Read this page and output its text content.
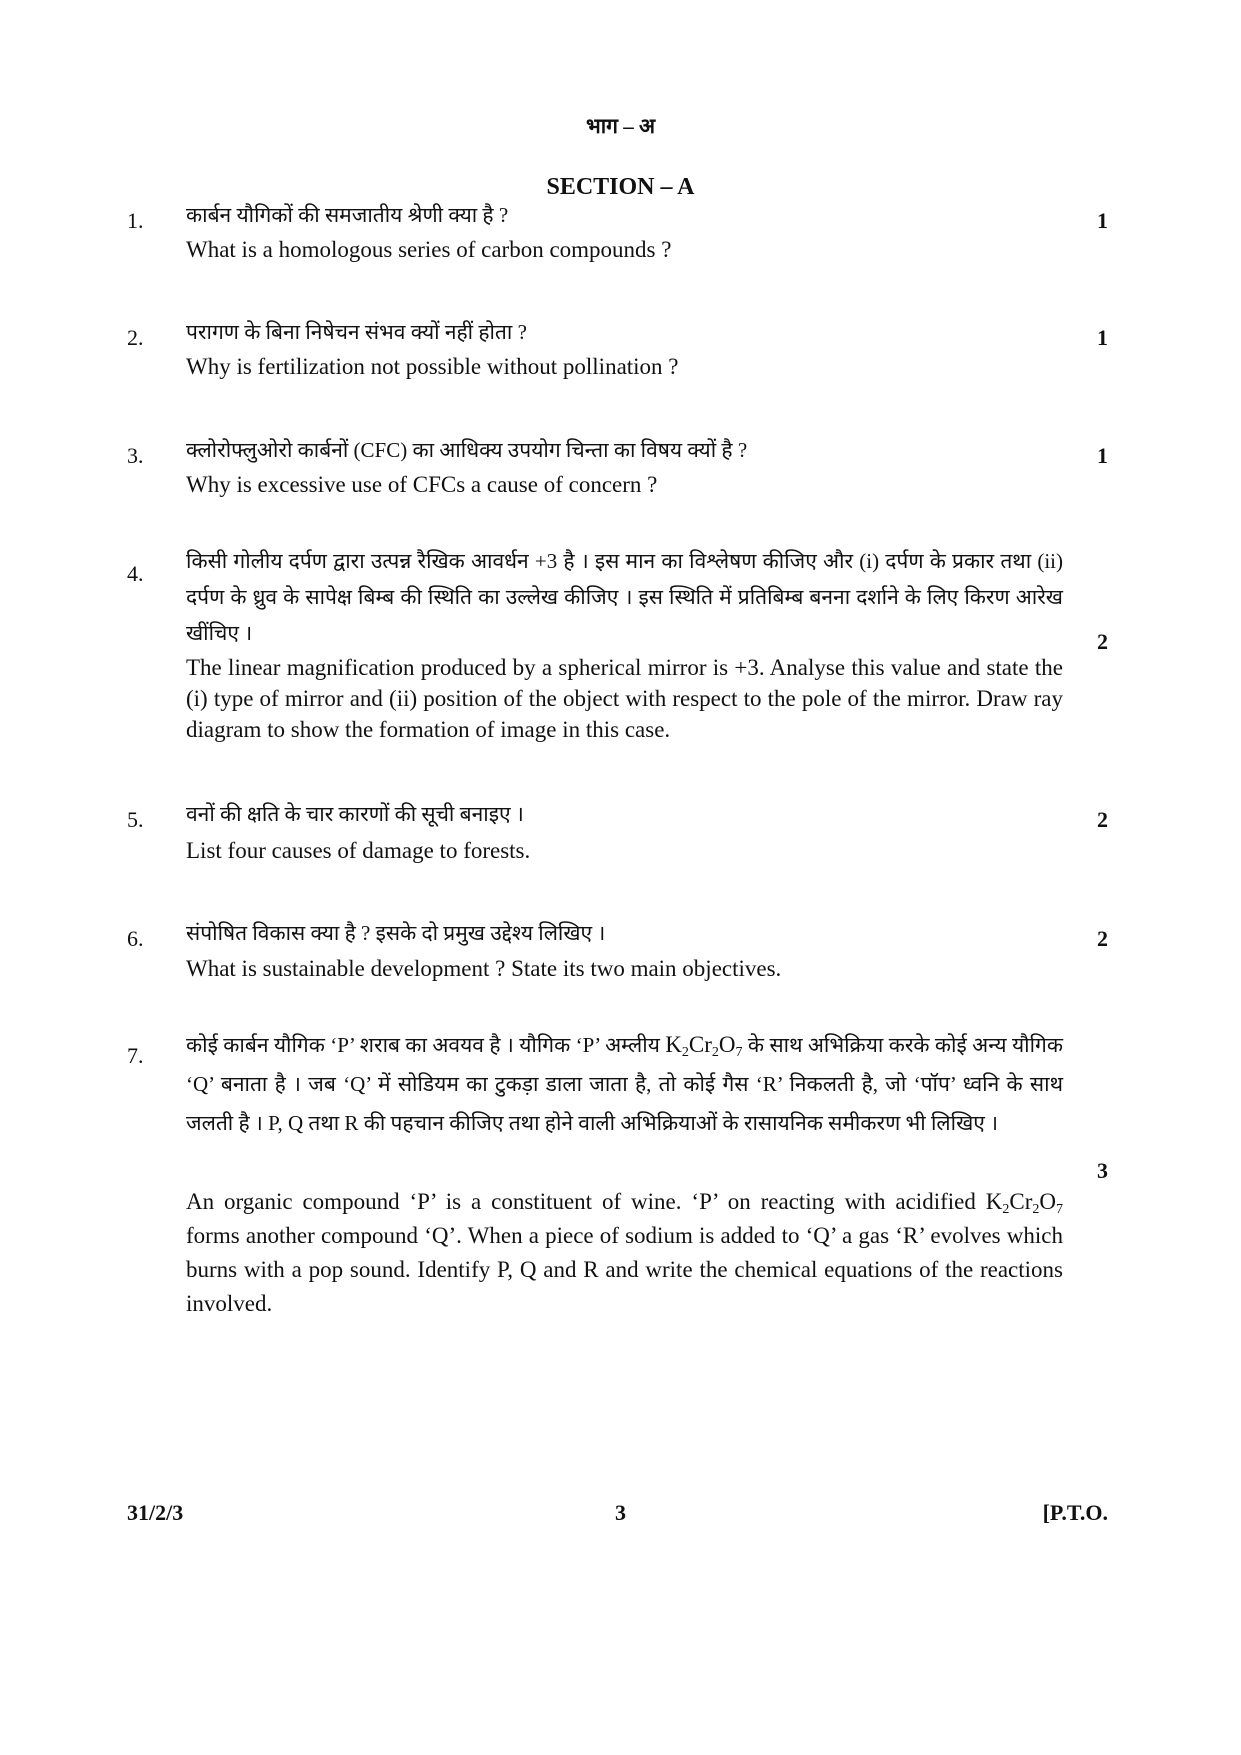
भाग – अ
SECTION – A
1. कार्बन यौगिकों की समजातीय श्रेणी क्या है ?	1
What is a homologous series of carbon compounds ?
2. परागण के बिना निषेचन संभव क्यों नहीं होता ?	1
Why is fertilization not possible without pollination ?
3. क्लोरोफ्लुओरो कार्बनों (CFC) का आधिक्य उपयोग चिन्ता का विषय क्यों है ?	1
Why is excessive use of CFCs a cause of concern ?
4. किसी गोलीय दर्पण द्वारा उत्पन्न रैखिक आवर्धन +3 है । इस मान का विश्लेषण कीजिए और (i) दर्पण के प्रकार तथा (ii) दर्पण के ध्रुव के सापेक्ष बिम्ब की स्थिति का उल्लेख कीजिए । इस स्थिति में प्रतिबिम्ब बनना दर्शाने के लिए किरण आरेख खींचिए ।	2
The linear magnification produced by a spherical mirror is +3. Analyse this value and state the (i) type of mirror and (ii) position of the object with respect to the pole of the mirror. Draw ray diagram to show the formation of image in this case.
5. वनों की क्षति के चार कारणों की सूची बनाइए ।	2
List four causes of damage to forests.
6. संपोषित विकास क्या है ? इसके दो प्रमुख उद्देश्य लिखिए ।	2
What is sustainable development ? State its two main objectives.
7. कोई कार्बन यौगिक ‘P’ शराब का अवयव है । यौगिक ‘P’ अम्लीय $K_2Cr_2O_7$ के साथ अभिक्रिया करके कोई अन्य यौगिक ‘Q’ बनाता है । जब ‘Q’ में सोडियम का टुकड़ा डाला जाता है, तो कोई गैस ‘R’ निकलती है, जो ‘पॉप’ ध्वनि के साथ जलती है । P, Q तथा R की पहचान कीजिए तथा होने वाली अभिक्रियाओं के रासायनिक समीकरण भी लिखिए ।
3
An organic compound ‘P’ is a constituent of wine. ‘P’ on reacting with acidified $K_2Cr_2O_7$ forms another compound ‘Q’. When a piece of sodium is added to ‘Q’ a gas ‘R’ evolves which burns with a pop sound. Identify P, Q and R and write the chemical equations of the reactions involved.
31/2/3	3	[P.T.O.
